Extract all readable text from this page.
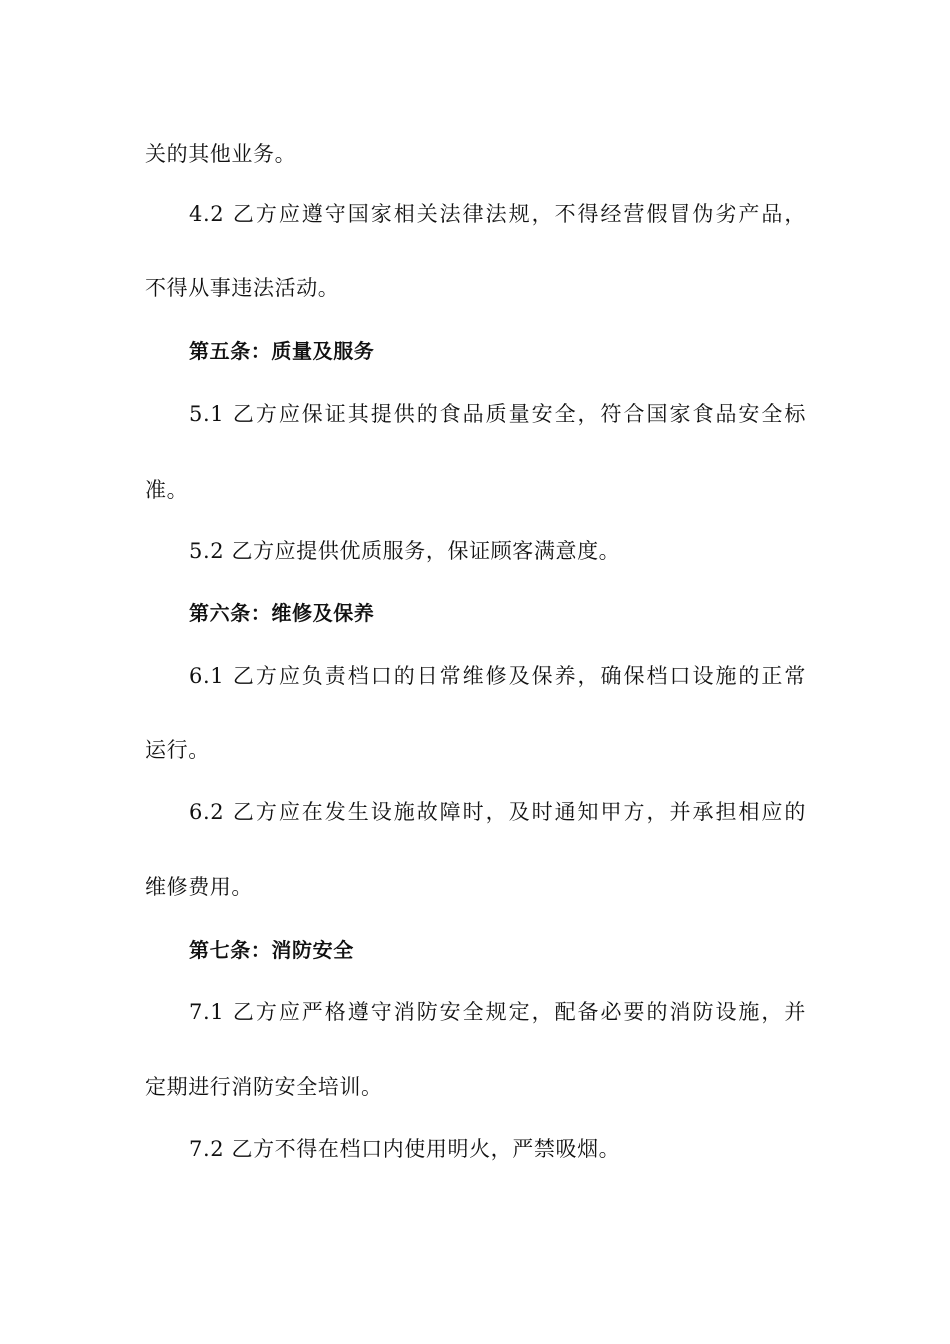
关的其他业务。
4.2 乙方应遵守国家相关法律法规，不得经营假冒伪劣产品，
不得从事违法活动。
第五条：质量及服务
5.1 乙方应保证其提供的食品质量安全，符合国家食品安全标
准。
5.2 乙方应提供优质服务，保证顾客满意度。
第六条：维修及保养
6.1 乙方应负责档口的日常维修及保养，确保档口设施的正常
运行。
6.2 乙方应在发生设施故障时，及时通知甲方，并承担相应的
维修费用。
第七条：消防安全
7.1 乙方应严格遵守消防安全规定，配备必要的消防设施，并
定期进行消防安全培训。
7.2 乙方不得在档口内使用明火，严禁吸烟。
